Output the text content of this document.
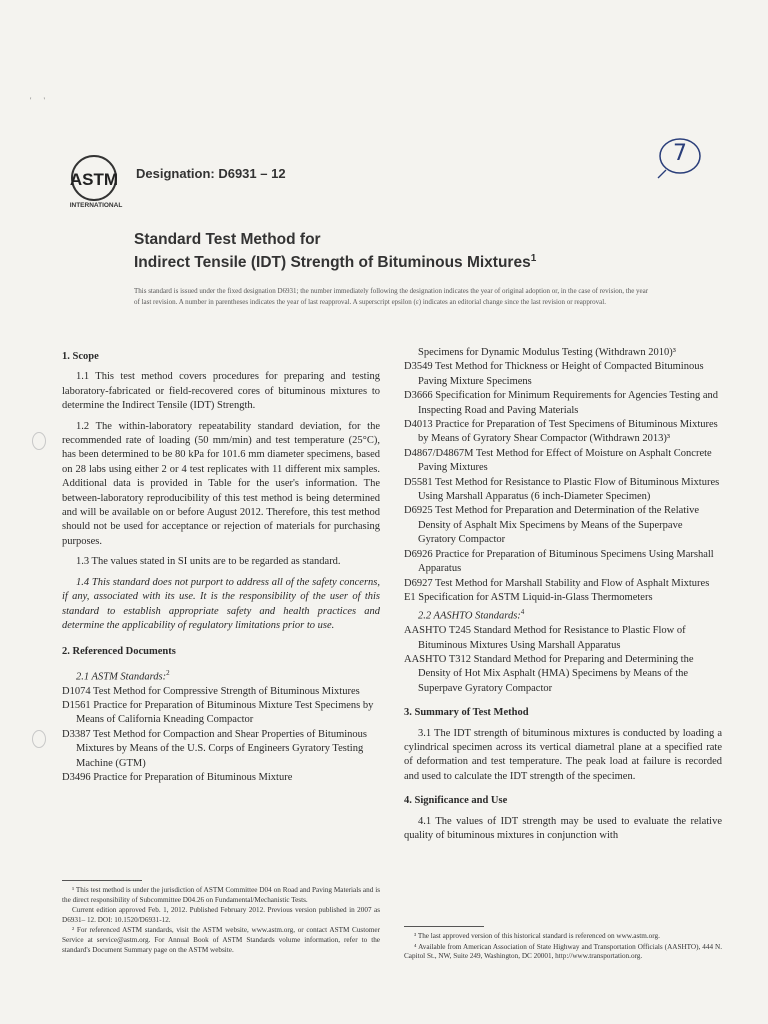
'      '
ASTM
INTERNATIONAL
Designation: D6931 – 12
7
Standard Test Method for
Indirect Tensile (IDT) Strength of Bituminous Mixtures$^1$
This standard is issued under the fixed designation D6931; the number immediately following the designation indicates the year of original adoption or, in the case of revision, the year of last revision. A number in parentheses indicates the year of last reapproval. A superscript epsilon (ε) indicates an editorial change since the last revision or reapproval.
1. Scope

1.1 This test method covers procedures for preparing and testing laboratory-fabricated or field-recovered cores of bituminous mixtures to determine the Indirect Tensile (IDT) Strength.

1.2 The within-laboratory repeatability standard deviation, for the recommended rate of loading (50 mm/min) and test temperature (25°C), has been determined to be 80 kPa for 101.6 mm diameter specimens, based on 28 labs using either 2 or 4 test replicates with 11 different mix samples. Additional data is provided in Table for the user's information. The between-laboratory reproducibility of this test method is being determined and will be available on or before August 2012. Therefore, this test method should not be used for acceptance or rejection of materials for purchasing purposes.

1.3 The values stated in SI units are to be regarded as standard.

1.4 This standard does not purport to address all of the safety concerns, if any, associated with its use. It is the responsibility of the user of this standard to establish appropriate safety and health practices and determine the applicability of regulatory limitations prior to use.

2. Referenced Documents

2.1 ASTM Standards:$^2$

D1074 Test Method for Compressive Strength of Bituminous Mixtures

D1561 Practice for Preparation of Bituminous Mixture Test Specimens by Means of California Kneading Compactor

D3387 Test Method for Compaction and Shear Properties of Bituminous Mixtures by Means of the U.S. Corps of Engineers Gyratory Testing Machine (GTM)

D3496 Practice for Preparation of Bituminous Mixture

Specimens for Dynamic Modulus Testing (Withdrawn 2010)³

D3549 Test Method for Thickness or Height of Compacted Bituminous Paving Mixture Specimens

D3666 Specification for Minimum Requirements for Agencies Testing and Inspecting Road and Paving Materials

D4013 Practice for Preparation of Test Specimens of Bituminous Mixtures by Means of Gyratory Shear Compactor (Withdrawn 2013)³

D4867/D4867M Test Method for Effect of Moisture on Asphalt Concrete Paving Mixtures

D5581 Test Method for Resistance to Plastic Flow of Bituminous Mixtures Using Marshall Apparatus (6 inch-Diameter Specimen)

D6925 Test Method for Preparation and Determination of the Relative Density of Asphalt Mix Specimens by Means of the Superpave Gyratory Compactor

D6926 Practice for Preparation of Bituminous Specimens Using Marshall Apparatus

D6927 Test Method for Marshall Stability and Flow of Asphalt Mixtures

E1 Specification for ASTM Liquid-in-Glass Thermometers

2.2 AASHTO Standards:$^4$

AASHTO T245 Standard Method for Resistance to Plastic Flow of Bituminous Mixtures Using Marshall Apparatus

AASHTO T312 Standard Method for Preparing and Determining the Density of Hot Mix Asphalt (HMA) Specimens by Means of the Superpave Gyratory Compactor

3. Summary of Test Method

3.1 The IDT strength of bituminous mixtures is conducted by loading a cylindrical specimen across its vertical diametral plane at a specified rate of deformation and test temperature. The peak load at failure is recorded and used to calculate the IDT strength of the specimen.

4. Significance and Use

4.1 The values of IDT strength may be used to evaluate the relative quality of bituminous mixtures in conjunction with

¹ This test method is under the jurisdiction of ASTM Committee D04 on Road and Paving Materials and is the direct responsibility of Subcommittee D04.26 on Fundamental/Mechanistic Tests.

Current edition approved Feb. 1, 2012. Published February 2012. Previous version published in 2007 as D6931– 12. DOI: 10.1520/D6931-12.

² For referenced ASTM standards, visit the ASTM website, www.astm.org, or contact ASTM Customer Service at service@astm.org. For Annual Book of ASTM Standards volume information, refer to the standard's Document Summary page on the ASTM website.

³ The last approved version of this historical standard is referenced on www.astm.org.

⁴ Available from American Association of State Highway and Transportation Officials (AASHTO), 444 N. Capitol St., NW, Suite 249, Washington, DC 20001, http://www.transportation.org.
